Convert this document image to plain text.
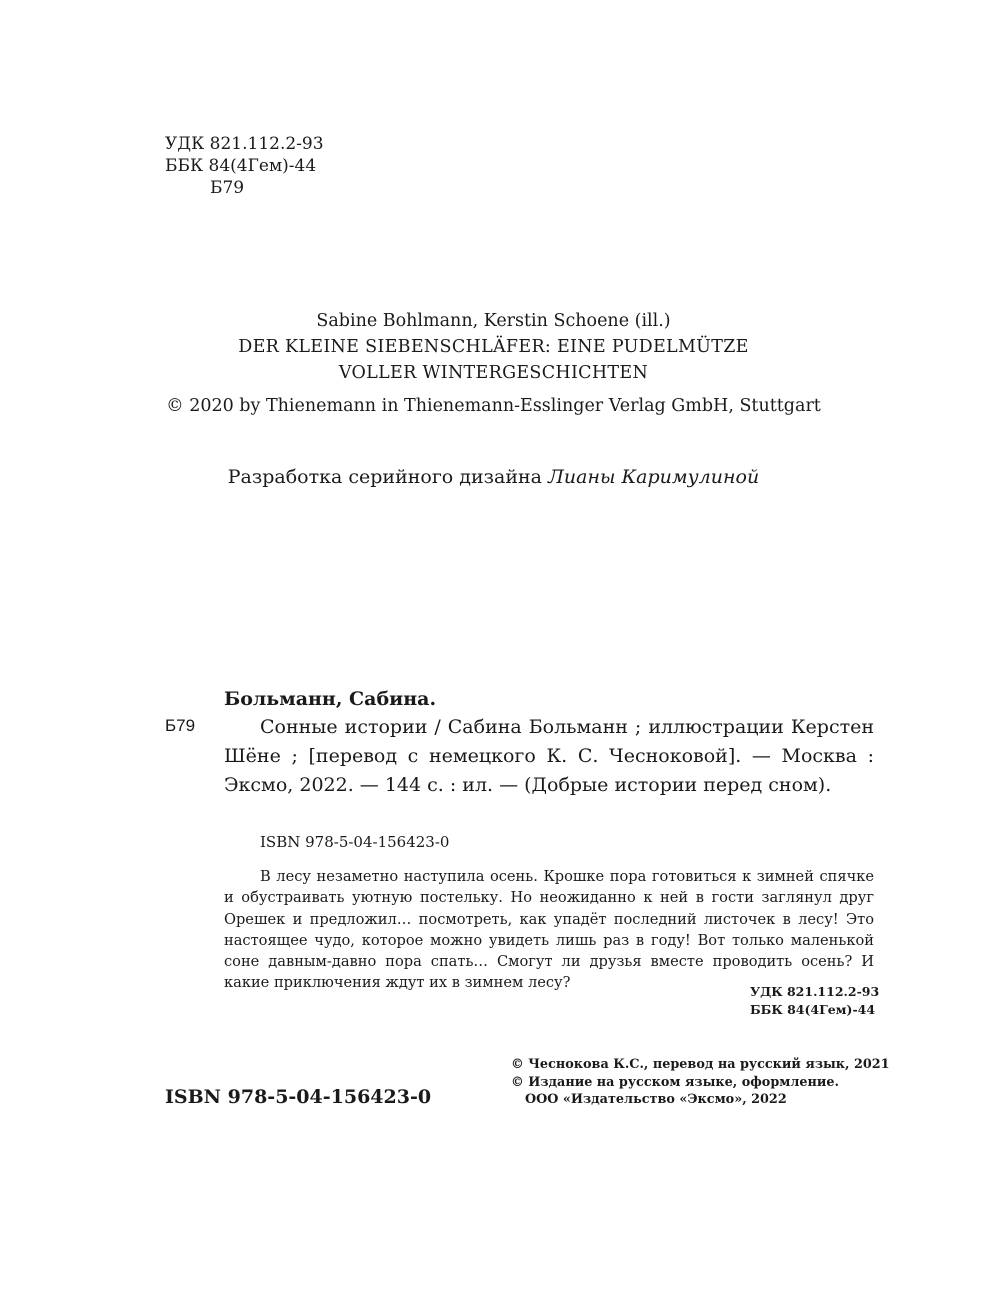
УДК 821.112.2-93
ББК 84(4Гем)-44
Б79
Sabine Bohlmann, Kerstin Schoene (ill.)
DER KLEINE SIEBENSCHLÄFER: EINE PUDELMÜTZE
VOLLER WINTERGESCHICHTEN
© 2020 by Thienemann in Thienemann-Esslinger Verlag GmbH, Stuttgart
Разработка серийного дизайна Лианы Каримулиной
Больманн, Сабина.
Б79	Сонные истории / Сабина Больманн ; иллюстрации Керстен Шёне ; [перевод с немецкого К. С. Чесноковой]. — Москва : Эксмо, 2022. — 144 с. : ил. — (Добрые истории перед сном).
ISBN 978-5-04-156423-0

В лесу незаметно наступила осень. Крошке пора готовиться к зимней спячке и обустраивать уютную постельку. Но неожиданно к ней в гости заглянул друг Орешек и предложил… посмотреть, как упадёт последний листочек в лесу! Это настоящее чудо, которое можно увидеть лишь раз в году! Вот только маленькой соне давным-давно пора спать… Смогут ли друзья вместе проводить осень? И какие приключения ждут их в зимнем лесу?

УДК 821.112.2-93
ББК 84(4Гем)-44
© Чеснокова К.С., перевод на русский язык, 2021
© Издание на русском языке, оформление.
ООО «Издательство «Эксмо», 2022
ISBN 978-5-04-156423-0
